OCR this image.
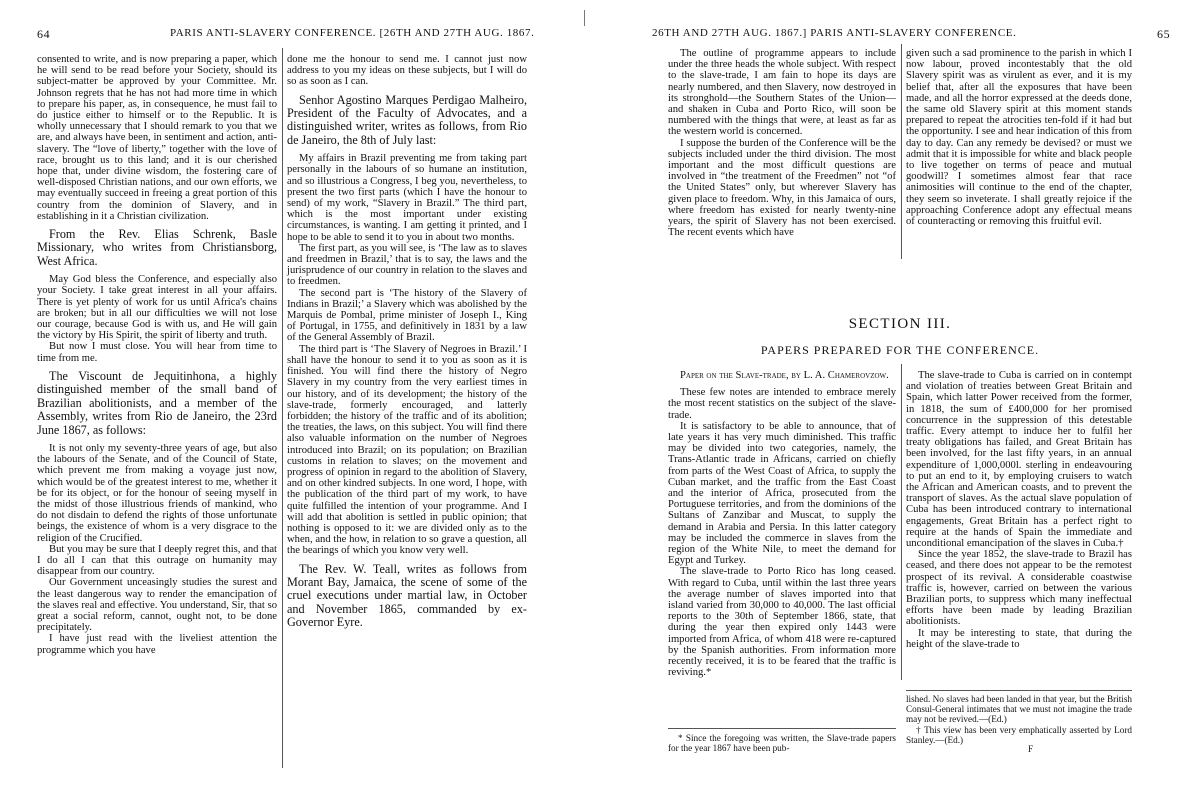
64	PARIS ANTI-SLAVERY CONFERENCE. [26TH AND 27TH AUG. 1867.

consented to write, and is now preparing a paper, which he will send to be read before your Society, should its subject-matter be approved by your Committee. Mr. Johnson regrets that he has not had more time in which to prepare his paper, as, in consequence, he must fail to do justice either to himself or to the Republic. It is wholly unnecessary that I should remark to you that we are, and always have been, in sentiment and action, anti-slavery. The “love of liberty,” together with the love of race, brought us to this land; and it is our cherished hope that, under divine wisdom, the fostering care of well-disposed Christian nations, and our own efforts, we may eventually succeed in freeing a great portion of this country from the dominion of Slavery, and in establishing in it a Christian civilization.

From the Rev. Elias Schrenk, Basle Missionary, who writes from Christiansborg, West Africa.

May God bless the Conference, and especially also your Society. I take great interest in all your affairs. There is yet plenty of work for us until Africa's chains are broken; but in all our difficulties we will not lose our courage, because God is with us, and He will gain the victory by His Spirit, the spirit of liberty and truth.

But now I must close. You will hear from time to time from me.

The Viscount de Jequitinhona, a highly distinguished member of the small band of Brazilian abolitionists, and a member of the Assembly, writes from Rio de Janeiro, the 23rd June 1867, as follows:

It is not only my seventy-three years of age, but also the labours of the Senate, and of the Council of State, which prevent me from making a voyage just now, which would be of the greatest interest to me, whether it be for its object, or for the honour of seeing myself in the midst of those illustrious friends of mankind, who do not disdain to defend the rights of those unfortunate beings, the existence of whom is a very disgrace to the religion of the Crucified.

But you may be sure that I deeply regret this, and that I do all I can that this outrage on humanity may disappear from our country.

Our Government unceasingly studies the surest and the least dangerous way to render the emancipation of the slaves real and effective. You understand, Sir, that so great a social reform, cannot, ought not, to be done precipitately.

I have just read with the liveliest attention the programme which you have

done me the honour to send me. I cannot just now address to you my ideas on these subjects, but I will do so as soon as I can.

Senhor Agostino Marques Perdigao Malheiro, President of the Faculty of Advocates, and a distinguished writer, writes as follows, from Rio de Janeiro, the 8th of July last:

My affairs in Brazil preventing me from taking part personally in the labours of so humane an institution, and so illustrious a Congress, I beg you, nevertheless, to present the two first parts (which I have the honour to send) of my work, “Slavery in Brazil.” The third part, which is the most important under existing circumstances, is wanting. I am getting it printed, and I hope to be able to send it to you in about two months.

The first part, as you will see, is ‘The law as to slaves and freedmen in Brazil,’ that is to say, the laws and the jurisprudence of our country in relation to the slaves and to freedmen.

The second part is ‘The history of the Slavery of Indians in Brazil;’ a Slavery which was abolished by the Marquis de Pombal, prime minister of Joseph I., King of Portugal, in 1755, and definitively in 1831 by a law of the General Assembly of Brazil.

The third part is ‘The Slavery of Negroes in Brazil.’ I shall have the honour to send it to you as soon as it is finished. You will find there the history of Negro Slavery in my country from the very earliest times in our history, and of its development; the history of the slave-trade, formerly encouraged, and latterly forbidden; the history of the traffic and of its abolition; the treaties, the laws, on this subject. You will find there also valuable information on the number of Negroes introduced into Brazil; on its population; on Brazilian customs in relation to slaves; on the movement and progress of opinion in regard to the abolition of Slavery, and on other kindred subjects. In one word, I hope, with the publication of the third part of my work, to have quite fulfilled the intention of your programme. And I will add that abolition is settled in public opinion; that nothing is opposed to it: we are divided only as to the when, and the how, in relation to so grave a question, all the bearings of which you know very well.

The Rev. W. Teall, writes as follows from Morant Bay, Jamaica, the scene of some of the cruel executions under martial law, in October and November 1865, commanded by ex-Governor Eyre.

26TH AND 27TH AUG. 1867.] PARIS ANTI-SLAVERY CONFERENCE.	65

The outline of programme appears to include under the three heads the whole subject. With respect to the slave-trade, I am fain to hope its days are nearly numbered, and then Slavery, now destroyed in its stronghold—the Southern States of the Union—and shaken in Cuba and Porto Rico, will soon be numbered with the things that were, at least as far as the western world is concerned.

I suppose the burden of the Conference will be the subjects included under the third division. The most important and the most difficult questions are involved in “the treatment of the Freedmen” not “of the United States” only, but wherever Slavery has given place to freedom. Why, in this Jamaica of ours, where freedom has existed for nearly twenty-nine years, the spirit of Slavery has not been exercised. The recent events which have

given such a sad prominence to the parish in which I now labour, proved incontestably that the old Slavery spirit was as virulent as ever, and it is my belief that, after all the exposures that have been made, and all the horror expressed at the deeds done, the same old Slavery spirit at this moment stands prepared to repeat the atrocities ten-fold if it had but the opportunity. I see and hear indication of this from day to day. Can any remedy be devised? or must we admit that it is impossible for white and black people to live together on terms of peace and mutual goodwill? I sometimes almost fear that race animosities will continue to the end of the chapter, they seem so inveterate. I shall greatly rejoice if the approaching Conference adopt any effectual means of counteracting or removing this fruitful evil.

SECTION III.
PAPERS PREPARED FOR THE CONFERENCE.

Paper on the Slave-trade, by L. A. Chamerovzow.

These few notes are intended to embrace merely the most recent statistics on the subject of the slave-trade.

It is satisfactory to be able to announce, that of late years it has very much diminished. This traffic may be divided into two categories, namely, the Trans-Atlantic trade in Africans, carried on chiefly from parts of the West Coast of Africa, to supply the Cuban market, and the traffic from the East Coast and the interior of Africa, prosecuted from the Portuguese territories, and from the dominions of the Sultans of Zanzibar and Muscat, to supply the demand in Arabia and Persia. In this latter category may be included the commerce in slaves from the region of the White Nile, to meet the demand for Egypt and Turkey.

The slave-trade to Porto Rico has long ceased. With regard to Cuba, until within the last three years the average number of slaves imported into that island varied from 30,000 to 40,000. The last official reports to the 30th of September 1866, state, that during the year then expired only 1443 were imported from Africa, of whom 418 were re-captured by the Spanish authorities. From information more recently received, it is to be feared that the traffic is reviving.*

The slave-trade to Cuba is carried on in contempt and violation of treaties between Great Britain and Spain, which latter Power received from the former, in 1818, the sum of £400,000 for her promised concurrence in the suppression of this detestable traffic. Every attempt to induce her to fulfil her treaty obligations has failed, and Great Britain has been involved, for the last fifty years, in an annual expenditure of 1,000,000l. sterling in endeavouring to put an end to it, by employing cruisers to watch the African and American coasts, and to prevent the transport of slaves. As the actual slave population of Cuba has been introduced contrary to international engagements, Great Britain has a perfect right to require at the hands of Spain the immediate and unconditional emancipation of the slaves in Cuba.†

Since the year 1852, the slave-trade to Brazil has ceased, and there does not appear to be the remotest prospect of its revival. A considerable coastwise traffic is, however, carried on between the various Brazilian ports, to suppress which many ineffectual efforts have been made by leading Brazilian abolitionists.

It may be interesting to state, that during the height of the slave-trade to

* Since the foregoing was written, the Slave-trade papers for the year 1867 have been pub-

lished. No slaves had been landed in that year, but the British Consul-General intimates that we must not imagine the trade may not be revived.—(Ed.)

† This view has been very emphatically asserted by Lord Stanley.—(Ed.)

F
